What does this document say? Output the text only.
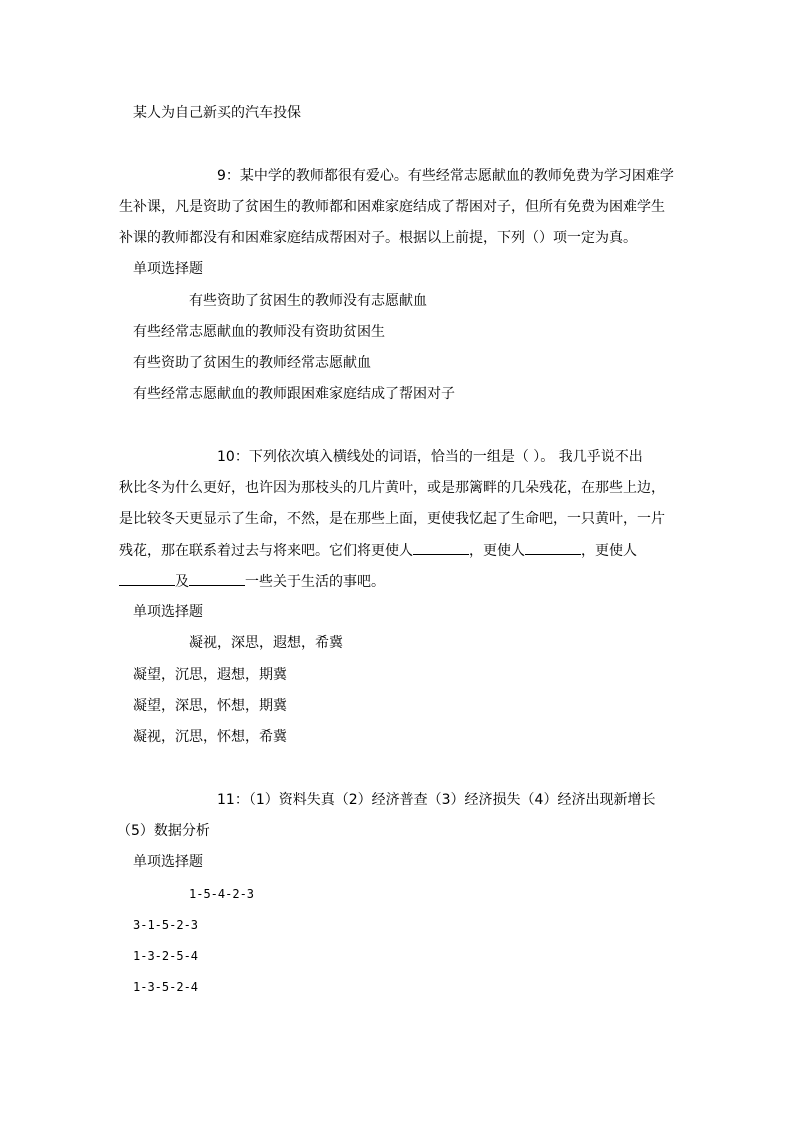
某人为自己新买的汽车投保
9：某中学的教师都很有爱心。有些经常志愿献血的教师免费为学习困难学
生补课，凡是资助了贫困生的教师都和困难家庭结成了帮困对子，但所有免费为困难学生
补课的教师都没有和困难家庭结成帮困对子。根据以上前提，下列（）项一定为真。
单项选择题
有些资助了贫困生的教师没有志愿献血
有些经常志愿献血的教师没有资助贫困生
有些资助了贫困生的教师经常志愿献血
有些经常志愿献血的教师跟困难家庭结成了帮困对子
10：下列依次填入横线处的词语，恰当的一组是（ ）。 我几乎说不出
秋比冬为什么更好，也许因为那枝头的几片黄叶，或是那篱畔的几朵残花，在那些上边，
是比较冬天更显示了生命，不然，是在那些上面，更使我忆起了生命吧，一只黄叶，一片
残花，那在联系着过去与将来吧。它们将更使人	，更使人	，更使人
及	一些关于生活的事吧。
单项选择题
凝视，深思，遐想，希冀
凝望，沉思，遐想，期冀
凝望，深思，怀想，期冀
凝视，沉思，怀想，希冀
11：（1）资料失真（2）经济普查（3）经济损失（4）经济出现新增长
（5）数据分析
单项选择题
1-5-4-2-3
3-1-5-2-3
1-3-2-5-4
1-3-5-2-4
